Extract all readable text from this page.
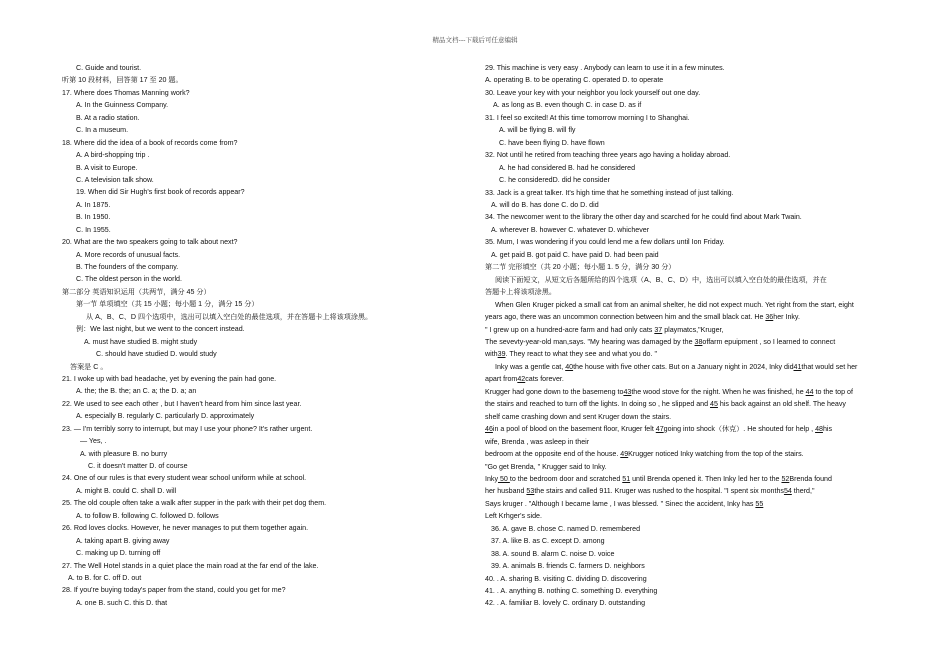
精品文档---下载后可任意编辑
C. Guide and tourist.
听第 10 段材料，回答第 17 至 20 题。
17. Where does Thomas Manning work?
A. In the Guinness Company.
B. At a radio station.
C. In a museum.
18. Where did the idea of a book of records come from?
A. A bird-shopping trip .
B. A visit to Europe.
C. A television talk show.
19. When did Sir Hugh's first book of records appear?
A. In 1875.
B. In 1950.
C. In 1955.
20. What are the two speakers going to talk about next?
A. More records of unusual facts.
B. The founders of the company.
C. The oldest person in the world.
第二部分 英语知识运用（共两节，满分 45 分）
第一节 单项填空（共 15 小题；每小题 1 分，满分 15 分）
从 A、B、C、D 四个选项中，选出可以填入空白处的最佳选项，并在答题卡上将该项涂黑。
例：We last night, but we went to the concert instead.
A. must have studied B. might study
C. should have studied D. would study
答案是 C 。
21. I woke up with bad headache, yet by evening the pain had gone.
A. the; the B. the; an C. a; the D. a; an
22. We used to see each other , but I haven't heard from him since last year.
A. especially B. regularly C. particularly D. approximately
23. — I'm terribly sorry to interrupt, but may I use your phone? It's rather urgent.
— Yes, .
A. with pleasure B. no burry
C. it doesn't matter D. of course
24. One of our rules is that every student wear school uniform while at school.
A. might B. could C. shall D. will
25. The old couple often take a walk after supper in the park with their pet dog them.
A. to follow B. following C. followed D. follows
26. Rod loves clocks. However, he never manages to put them together again.
A. taking apart B. giving away
C. making up D. turning off
27. The Well Hotel stands in a quiet place the main road at the far end of the lake.
A. to B. for C. off D. out
28. If you're buying today's paper from the stand, could you get for me?
A. one B. such C. this D. that
29. This machine is very easy . Anybody can learn to use it in a few minutes.
A. operating B. to be operating C. operated D. to operate
30. Leave your key with your neighbor you lock yourself out one day.
A. as long as B. even though C. in case D. as if
31. I feel so excited! At this time tomorrow morning I to Shanghai.
A. will be flying B. will fly
C. have been flying D. have flown
32. Not until he retired from teaching three years ago having a holiday abroad.
A. he had considered B. had he considered
C. he consideredD. did he consider
33. Jack is a great talker. It's high time that he something instead of just talking.
A. will do B. has done C. do D. did
34. The newcomer went to the library the other day and scarched for he could find about Mark Twain.
A. wherever B. however C. whatever D. whichever
35. Mum, I was wondering if you could lend me a few dollars until Ion Friday.
A. get paid B. got paid C. have paid D. had been paid
第二节 完形填空（共 20 小题；每小题 1. 5 分，满分 30 分）
阅读下面短文，从短文后各题所给的四个选项（A、B、C、D）中，选出可以填入空白处的最佳选项，并在
答题卡上将该项涂黑。
When Glen Kruger picked a small cat from an animal shelter, he did not expect much. Yet right from the start, eight
years ago, there was an uncommon connection between him and the small black cat. He 36her Inky.
" I grew up on a hundred-acre farm and had only cats 37 playmatcs,"Kruger,
The sevevty-year-old man,says. "My hearing was damaged by the 38offarm epuipment , so I learned to connect
with39. They react to what they see and what you do. "
Inky was a gentle cat, 40the house with five other cats. But on a January night in 2024, Inky did41that would set her
apart from42cats forever.
Krugger had gone down to the basemeng to43the wood stove for the night. When he was finished, he 44 to the top of
the stairs and reached to turn off the lights. In doing so , he slipped and 45 his back against an old shelf. The heavy
shelf came crashing down and sent Kruger down the stairs.
46in a pool of blood on the basement floor, Kruger felt 47going into shock（休克）. He shouted for help , 48his
wife, Brenda , was asleep in their
bedroom at the opposite end of the house. 49Krugger noticed Inky watching from the top of the stairs.
"Go get Brenda, " Krugger said to Inky.
Inky 50 to the bedroom door and scratched 51 until Brenda opened it. Then Inky led her to the 52Brenda found
her husband 53the stairs and called 911. Kruger was rushed to the hospital. "I spent six months54 therd,"
Says kruger . "Although I became lame , I was blessed. " Sinec the accident, Inky has 55
Left Krhger's side.
36. A. gave B. chose C. named D. remembered
37. A. like B. as C. except D. among
38. A. sound B. alarm C. noise D. voice
39. A. animals B. friends C. farmers D. neighbors
40. . A. sharing B. visiting C. dividing D. discovering
41. . A. anything B. nothing C. something D. everything
42. . A. familiar B. lovely C. ordinary D. outstanding
